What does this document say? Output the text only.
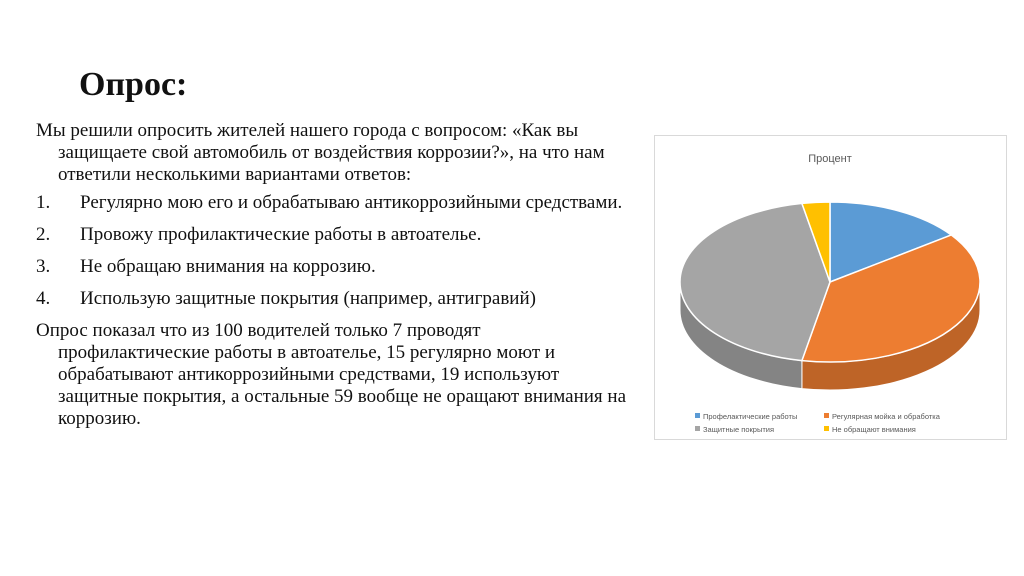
Опрос:

Мы решили опросить жителей нашего города с вопросом: «Как вы защищаете свой автомобиль от воздействия коррозии?», на что нам ответили несколькими вариантами ответов:

1.	Регулярно мою его и обрабатываю антикоррозийными средствами.
2.	Провожу профилактические работы в автоателье.
3.	Не обращаю внимания на коррозию.
4.	Использую защитные покрытия (например, антигравий)

Опрос показал что из 100 водителей только 7 проводят профилактические работы в автоателье, 15 регулярно моют и обрабатывают антикоррозийными средствами, 19 используют защитные покрытия, а остальные 59 вообще не оращают внимания на коррозию.

Процент
Профелактические работы	Регулярная мойка и обработка
Защитные покрытия	Не обращают внимания
